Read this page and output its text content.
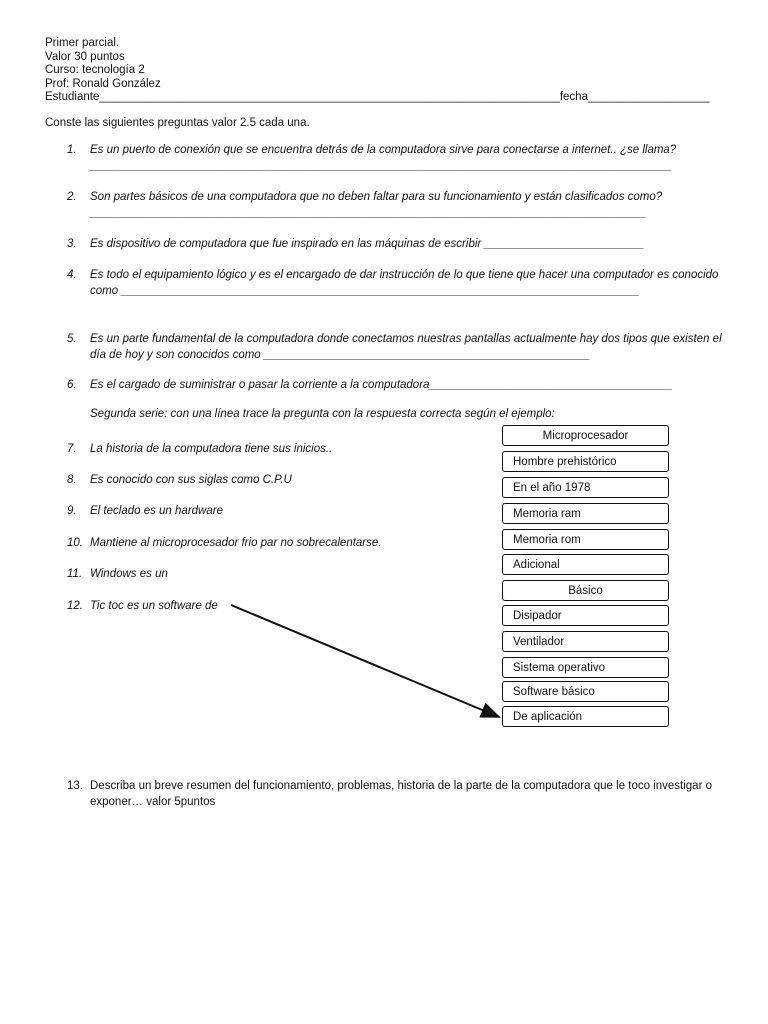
Primer parcial.
Valor 30 puntos
Curso: tecnología 2
Prof: Ronald González
Estudiante________________________________________________________________________fecha___________________
Conste las siguientes preguntas valor 2.5 cada una.
1.	Es un puerto de conexión que se encuentra detrás de la computadora sirve para conectarse a internet.. ¿se llama? ___________________________________________________________________________________________
2.	Son partes básicos de una computadora que no deben faltar para su funcionamiento y están clasificados como? _______________________________________________________________________________________
3.	Es dispositivo de computadora que fue inspirado en las máquinas de escribir _________________________
4.	Es todo el equipamiento lógico y es el encargado de dar instrucción de lo que tiene que hacer una computador es conocido como _________________________________________________________________________________
5.	Es un parte fundamental de la computadora donde conectamos nuestras pantallas actualmente hay dos tipos que existen el día de hoy y son conocidos como ___________________________________________________
6.	Es el cargado de suministrar o pasar la corriente a la computadora______________________________________
Segunda serie: con una línea trace la pregunta con la respuesta correcta según el ejemplo:
7.	La historia de la computadora tiene sus inicios..
8.	Es conocido con sus siglas como C.P.U
9.	El teclado es un hardware
10. Mantiene al microprocesador frio par no sobrecalentarse.
11. Windows es un
12. Tic toc es un software de
Microprocesador
Hombre prehistórico
En el año 1978
Memoria ram
Memoria rom
Adicional
Básico
Disipador
Ventilador
Sistema operativo
Software básico
De aplicación
13. Describa un breve resumen del funcionamiento, problemas, historia de la parte de la computadora que le toco investigar o exponer… valor 5puntos
